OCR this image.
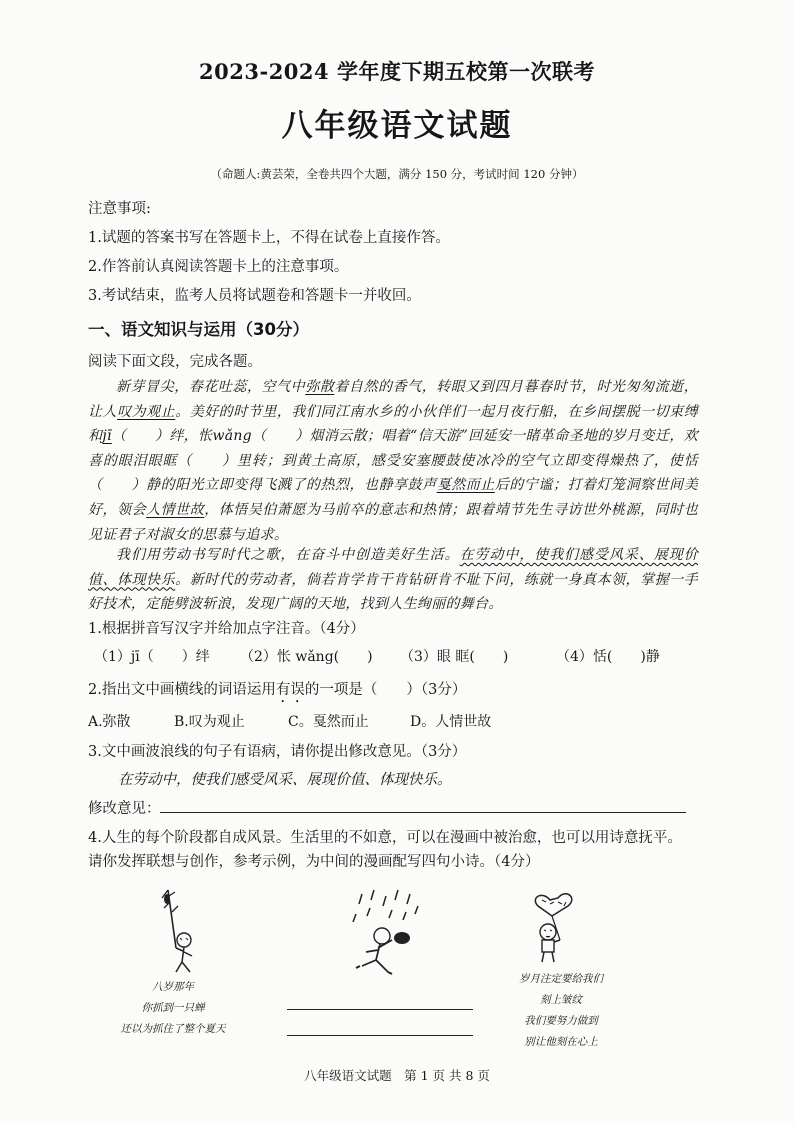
2023-2024 学年度下期五校第一次联考
八年级语文试题
（命题人:黄芸荣，全卷共四个大题，满分 150 分，考试时间 120 分钟）
注意事项:
1.试题的答案书写在答题卡上，不得在试卷上直接作答。
2.作答前认真阅读答题卡上的注意事项。
3.考试结束，监考人员将试题卷和答题卡一并收回。
一、语文知识与运用（30分）
阅读下面文段，完成各题。

新芽冒尖，春花吐蕊，空气中弥散着自然的香气，转眼又到四月暮春时节，时光匆匆流逝，让人叹为观止。美好的时节里，我们同江南水乡的小伙伴们一起月夜行船，在乡间摆脱一切束缚和jī（　　）绊，怅wǎng（　　）烟消云散；唱着“信天游”回延安一睹革命圣地的岁月变迁，欢喜的眼泪眼眶（　　）里转；到黄土高原，感受安塞腰鼓使冰冷的空气立即变得燥热了，使恬（　　）静的阳光立即变得飞溅了的热烈，也静享鼓声戛然而止后的宁谧；打着灯笼洞察世间美好，领会人情世故，体悟吴伯萧愿为马前卒的意志和热情；跟着靖节先生寻访世外桃源，同时也见证君子对淑女的思慕与追求。

我们用劳动书写时代之歌，在奋斗中创造美好生活。在劳动中，使我们感受风采、展现价值、体现快乐。新时代的劳动者，倘若肯学肯干肯钻研肯不耻下问，练就一身真本领，掌握一手好技术，定能劈波斩浪，发现广阔的天地，找到人生绚丽的舞台。

1.根据拼音写汉字并给加点字注音。（4分）
（1）jī（　　）绊 （2）怅 wǎng(　　) （3）眼 眶(　　)	（4）恬(　　)静
2.指出文中画横线的词语运用有误的一项是（　　）（3分）
A.弥散	B.叹为观止	C。戛然而止	D。人情世故
3.文中画波浪线的句子有语病，请你提出修改意见。（3分）
在劳动中，使我们感受风采、展现价值、体现快乐。
修改意见：
4.人生的每个阶段都自成风景。生活里的不如意，可以在漫画中被治愈，也可以用诗意抚平。
请你发挥联想与创作，参考示例，为中间的漫画配写四句小诗。（4分）
八岁那年
你抓到一只蝉
还以为抓住了整个夏天
岁月注定要给我们
刻上皱纹
我们要努力做到
别让他刻在心上
八年级语文试题　第 1 页 共 8 页
